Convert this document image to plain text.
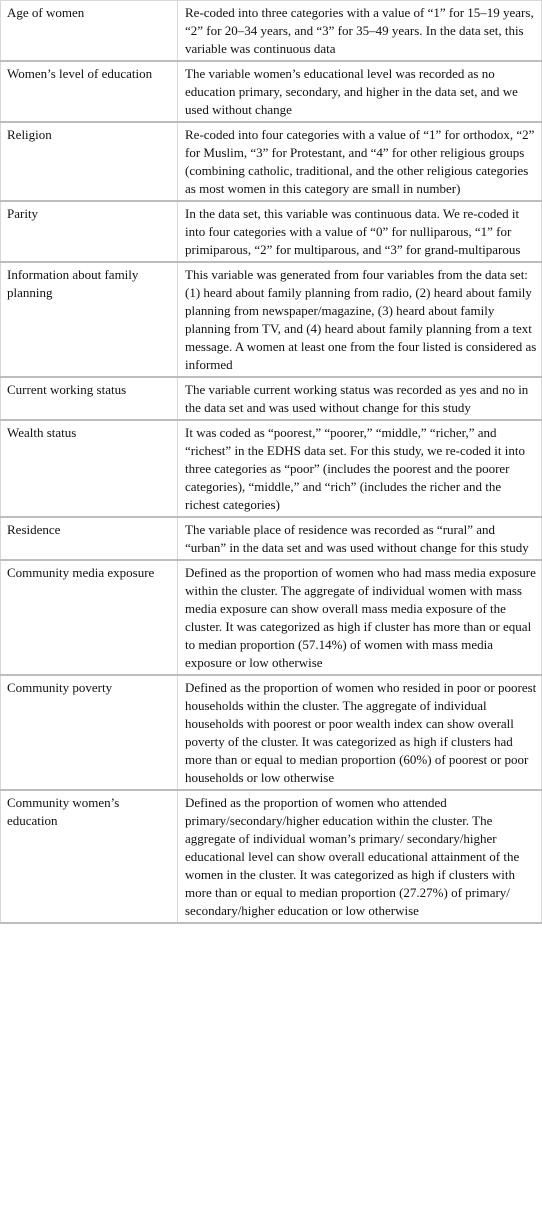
Age of women	Re-coded into three categories with a value of “1” for 15–19 years, “2” for 20–34 years, and “3” for 35–49 years. In the data set, this variable was continuous data
Women’s level of education	The variable women’s educational level was recorded as no education primary, secondary, and higher in the data set, and we used without change
Religion	Re-coded into four categories with a value of “1” for orthodox, “2” for Muslim, “3” for Protestant, and “4” for other religious groups (combining catholic, traditional, and the other religious categories as most women in this category are small in number)
Parity	In the data set, this variable was continuous data. We re-coded it into four categories with a value of “0” for nulliparous, “1” for primiparous, “2” for multiparous, and “3” for grand-multiparous
Information about family planning	This variable was generated from four variables from the data set: (1) heard about family planning from radio, (2) heard about family planning from newspaper/magazine, (3) heard about family planning from TV, and (4) heard about family planning from a text message. A women at least one from the four listed is considered as informed
Current working status	The variable current working status was recorded as yes and no in the data set and was used without change for this study
Wealth status	It was coded as “poorest,” “poorer,” “middle,” “richer,” and “richest” in the EDHS data set. For this study, we re-coded it into three categories as “poor” (includes the poorest and the poorer categories), “middle,” and “rich” (includes the richer and the richest categories)
Residence	The variable place of residence was recorded as “rural” and “urban” in the data set and was used without change for this study
Community media exposure	Defined as the proportion of women who had mass media exposure within the cluster. The aggregate of individual women with mass media exposure can show overall mass media exposure of the cluster. It was categorized as high if cluster has more than or equal to median proportion (57.14%) of women with mass media exposure or low otherwise
Community poverty	Defined as the proportion of women who resided in poor or poorest households within the cluster. The aggregate of individual households with poorest or poor wealth index can show overall poverty of the cluster. It was categorized as high if clusters had more than or equal to median proportion (60%) of poorest or poor households or low otherwise
Community women’s education	Defined as the proportion of women who attended primary/secondary/higher education within the cluster. The aggregate of individual woman’s primary/ secondary/higher educational level can show overall educational attainment of the women in the cluster. It was categorized as high if clusters with more than or equal to median proportion (27.27%) of primary/ secondary/higher education or low otherwise
